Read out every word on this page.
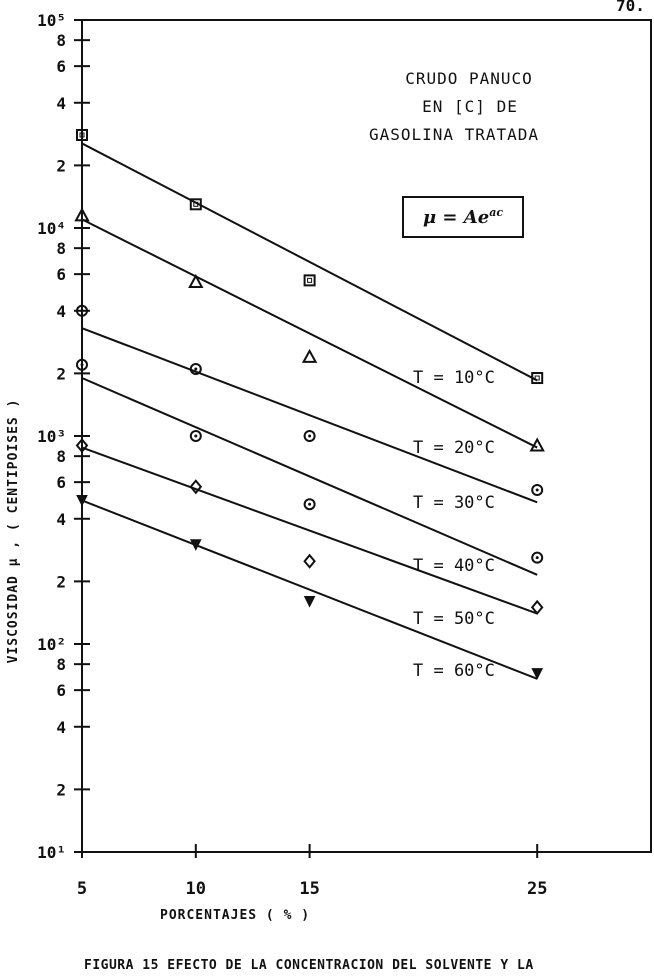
70.
10⁵
8
6
4
2
10⁴
8
6
4
2
10³
8
6
4
2
10²
8
6
4
2
10¹
5	10	15	25
T = 10°C
T = 20°C
T = 30°C
T = 40°C
T = 50°C
T = 60°C
CRUDO PANUCO
EN [C] DE
GASOLINA TRATADA
$\mu = Ae^{ac}$
VISCOSIDAD μ , ( CENTIPOISES )
PORCENTAJES ( % )
FIGURA 15 EFECTO DE LA CONCENTRACION DEL SOLVENTE Y LA
